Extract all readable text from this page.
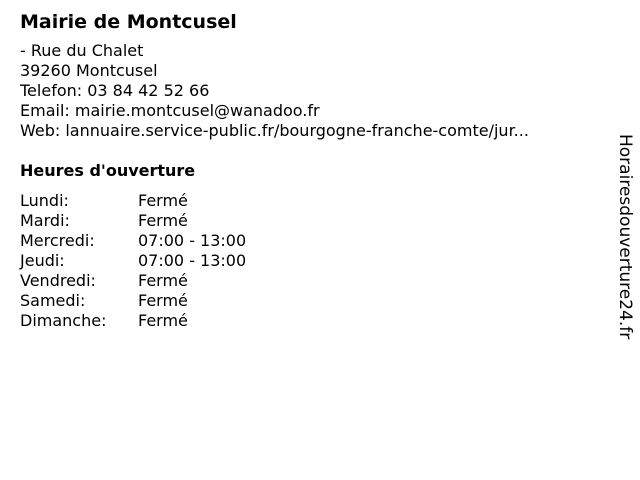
Mairie de Montcusel
- Rue du Chalet
39260 Montcusel
Telefon: 03 84 42 52 66
Email: mairie.montcusel@wanadoo.fr
Web: lannuaire.service-public.fr/bourgogne-franche-comte/jur...
Heures d'ouverture
Lundi:	Fermé
Mardi:	Fermé
Mercredi:	07:00 - 13:00
Jeudi:	07:00 - 13:00
Vendredi:	Fermé
Samedi:	Fermé
Dimanche:	Fermé	Horairesdouverture24.fr
